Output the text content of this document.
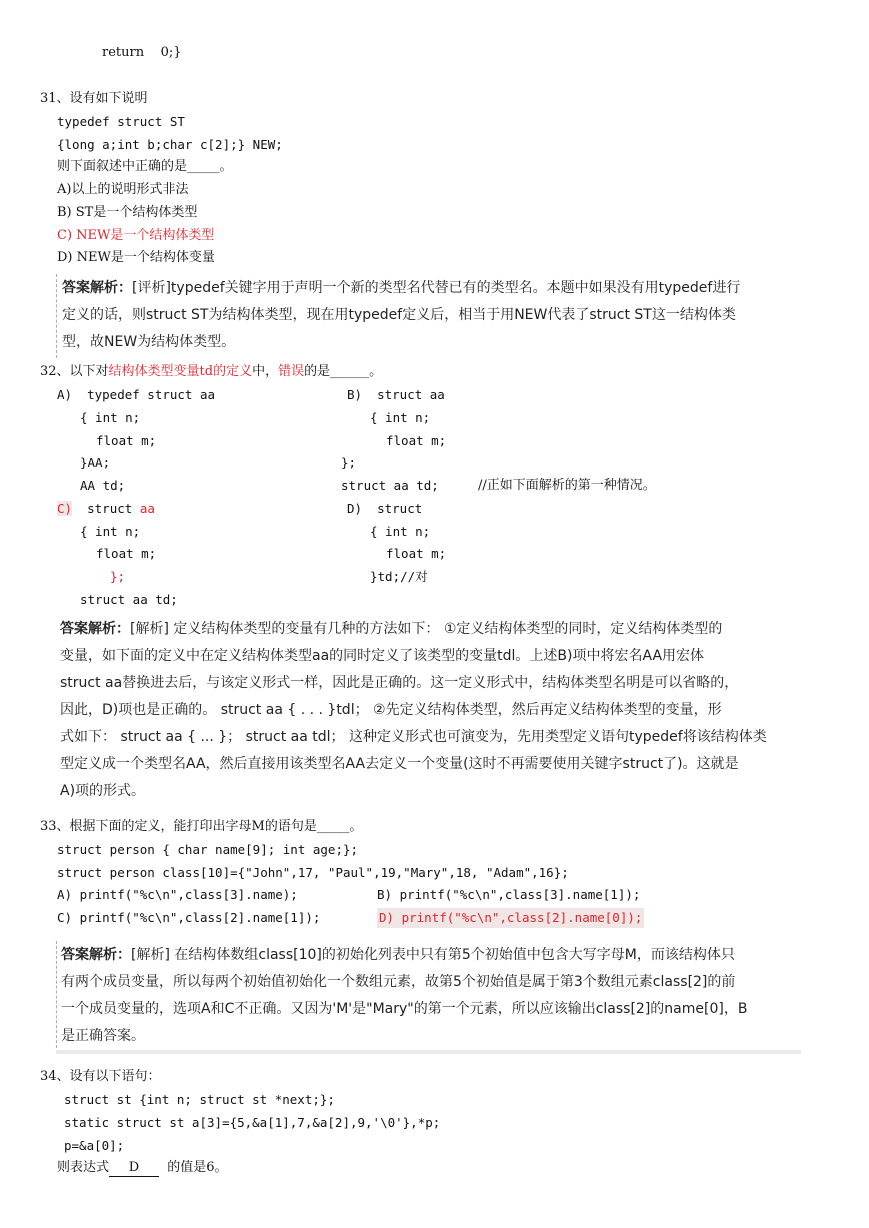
return    0;}
31、设有如下说明
typedef struct ST
{long a;int b;char c[2];} NEW;
则下面叙述中正确的是_____。
A)以上的说明形式非法
B) ST是一个结构体类型
C) NEW是一个结构体类型
D) NEW是一个结构体变量
答案解析：[评析]typedef关键字用于声明一个新的类型名代替已有的类型名。本题中如果没有用typedef进行
定义的话，则struct ST为结构体类型，现在用typedef定义后，相当于用NEW代表了struct ST这一结构体类
型，故NEW为结构体类型。
32、以下对结构体类型变量td的定义中，错误的是______。
A)  typedef struct aa
{ int n;
float m;
}AA;
AA td;
B)  struct aa
{ int n;
float m;
};
struct aa td;	//正如下面解析的第一种情况。
C) struct aa
{ int n;
float m;
};
struct aa td;
D)  struct
{ int n;
float m;
}td;//对
答案解析：[解析] 定义结构体类型的变量有几种的方法如下： ①定义结构体类型的同时，定义结构体类型的
变量，如下面的定义中在定义结构体类型aa的同时定义了该类型的变量tdl。上述B)项中将宏名AA用宏体
struct aa替换进去后，与该定义形式一样，因此是正确的。这一定义形式中，结构体类型名明是可以省略的，
因此，D)项也是正确的。 struct aa { . . . }tdl； ②先定义结构体类型，然后再定义结构体类型的变量，形
式如下： struct aa { ... }； struct aa tdl； 这种定义形式也可演变为，先用类型定义语句typedef将该结构体类
型定义成一个类型名AA，然后直接用该类型名AA去定义一个变量(这时不再需要使用关键字struct了)。这就是
A)项的形式。
33、根据下面的定义，能打印出字母M的语句是_____。
struct person { char name[9]; int age;};
struct person class[10]={"John",17, "Paul",19,"Mary",18, "Adam",16};
A) printf("%c\n",class[3].name);	B) printf("%c\n",class[3].name[1]);
C) printf("%c\n",class[2].name[1]);	D) printf("%c\n",class[2].name[0]);
答案解析：[解析] 在结构体数组class[10]的初始化列表中只有第5个初始值中包含大写字母M，而该结构体只
有两个成员变量，所以每两个初始值初始化一个数组元素，故第5个初始值是属于第3个数组元素class[2]的前
一个成员变量的，选项A和C不正确。又因为'M'是"Mary"的第一个元素，所以应该输出class[2]的name[0]，B
是正确答案。
34、设有以下语句：
struct st {int n; struct st *next;};
static struct st a[3]={5,&a[1],7,&a[2],9,'\0'},*p;
p=&a[0];
则表达式 D 的值是6。
